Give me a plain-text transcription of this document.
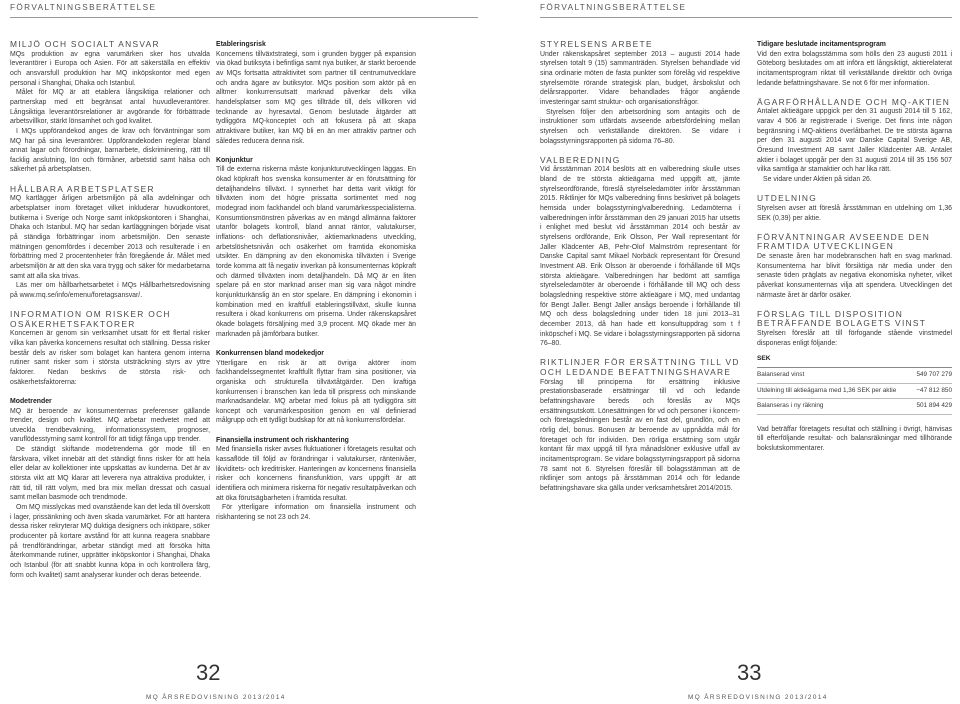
FÖRVALTNINGSBERÄTTELSE	FÖRVALTNINGSBERÄTTELSE
MILJÖ OCH SOCIALT ANSVAR

MQs produktion av egna varumärken sker hos utvalda leverantörer i Europa och Asien. För att säkerställa en effektiv och ansvarsfull produktion har MQ inköpskontor med egen personal i Shanghai, Dhaka och Istanbul.

Målet för MQ är att etablera långsiktiga relationer och partnerskap med ett begränsat antal huvudleverantörer. Långsiktiga leverantörsrelationer är avgörande för förbättrade arbetsvillkor, stärkt lönsamhet och god kvalitet.

I MQs uppförandekod anges de krav och förväntningar som MQ har på sina leverantörer. Uppförandekoden reglerar bland annat lagar och förordningar, barnarbete, diskriminering, rätt till facklig anslutning, lön och förmåner, arbetstid samt hälsa och säkerhet på arbetsplatsen.

HÅLLBARA ARBETSPLATSER

MQ kartlägger årligen arbetsmiljön på alla avdelningar och arbetsplatser inom företaget vilket inkluderar huvudkontoret, butikerna i Sverige och Norge samt inköpskontoren i Shanghai, Dhaka och Istanbul. MQ har sedan kartläggningen började visat på ständiga förbättringar inom arbetsmiljön. Den senaste mätningen genomfördes i december 2013 och resulterade i en förbättring med 2 procentenheter från föregående år. Målet med arbetsmiljön är att den ska vara trygg och säker för medarbetarna samt att alla ska trivas.

Läs mer om hållbarhetsarbetet i MQs Hållbarhetsredovisning på www.mq.se/info/emenu/foretagsansvar/.

INFORMATION OM RISKER OCH OSÄKERHETSFAKTORER

Koncernen är genom sin verksamhet utsatt för ett flertal risker vilka kan påverka koncernens resultat och ställning. Dessa risker består dels av risker som bolaget kan hantera genom interna rutiner samt risker som i största utsträckning styrs av yttre faktorer. Nedan beskrivs de största risk- och osäkerhetsfaktorerna:

Modetrender

MQ är beroende av konsumenternas preferenser gällande trender, design och kvalitet. MQ arbetar medvetet med att utveckla trendbevakning, informationssystem, prognoser, varuflödesstyrning samt kontroll för att tidigt fånga upp trender.

De ständigt skiftande modetrenderna gör mode till en färskvara, vilket innebär att det ständigt finns risker för att hela eller delar av kollektioner inte uppskattas av kunderna. Det är av största vikt att MQ klarar att leverera nya attraktiva produkter, i rätt tid, till rätt volym, med bra mix mellan dressat och casual samt mellan basmode och trendmode.

Om MQ misslyckas med ovanstående kan det leda till överskott i lager, prissänkning och även skada varumärket. För att hantera dessa risker rekryterar MQ duktiga designers och inköpare, söker producenter på kortare avstånd för att kunna reagera snabbare på trendförändringar, arbetar ständigt med att försöka hitta återkommande rutiner, upprätter inköpskontor i Shanghai, Dhaka och Istanbul (för att snabbt kunna köpa in och kontrollera färg, form och kvalitet) samt analyserar kunder och deras beteende.

Etableringsrisk

Koncernens tillväxtstrategi, som i grunden bygger på expansion via ökad butiksyta i befintliga samt nya butiker, är starkt beroende av MQs fortsatta attraktivitet som partner till centrumutvecklare och andra ägare av butiksytor. MQs position som aktör på en alltmer konkurrensutsatt marknad påverkar dels vilka handelsplatser som MQ ges tillträde till, dels villkoren vid tecknande av hyresavtal. Genom beslutade åtgärder att tydliggöra MQ-konceptet och att fokusera på att skapa attraktivare butiker, kan MQ bli en än mer attraktiv partner och således reducera denna risk.

Konjunktur

Till de externa riskerna måste konjunkturutvecklingen läggas. En ökad köpkraft hos svenska konsumenter är en förutsättning för detaljhandelns tillväxt. I synnerhet har detta varit viktigt för tillväxten inom det högre prissatta sortimentet med nog modegrad inom fackhandel och bland varumärkesspecialisterna. Konsumtionsmönstren påverkas av en mängd allmänna faktorer utanför bolagets kontroll, bland annat räntor, valutakurser, inflations- och deflationsnivåer, aktiemarknadens utveckling, arbetslöshetsnivån och osäkerhet om framtida ekonomiska utsikter. En dämpning av den ekonomiska tillväxten i Sverige torde komma att få negativ inverkan på konsumenternas köpkraft och därmed tillväxten inom detaljhandeln. Då MQ är en liten spelare på en stor marknad anser man sig vara något mindre konjunkturkänslig än en stor spelare. En dämpning i ekonomin i kombination med en kraftfull etableringstillväxt, skulle kunna resultera i ökad konkurrens om priserna. Under räkenskapsåret ökade bolagets försäljning med 3,9 procent. MQ ökade mer än marknaden på jämförbara butiker.

Konkurrensen bland modekedjor

Ytterligare en risk är att övriga aktörer inom fackhandelssegmentet kraftfullt flyttar fram sina positioner, via organiska och strukturella tillväxtåtgärder. Den kraftiga konkurrensen i branschen kan leda till prispress och minskande marknadsandelar. MQ arbetar med fokus på att tydliggöra sitt koncept och varumärkesposition genom en väl definierad målgrupp och ett tydligt budskap för att nå konkurrensfördelar.

Finansiella instrument och riskhantering

Med finansiella risker avses fluktuationer i företagets resultat och kassaflöde till följd av förändringar i valutakurser, räntenivåer, likviditets- och kreditrisker. Hanteringen av koncernens finansiella risker och koncernens finansfunktion, vars uppgift är att identifiera och minimera riskerna för negativ resultatpåverkan och att öka förutsägbarheten i framtida resultat.

För ytterligare information om finansiella instrument och riskhantering se not 23 och 24.

STYRELSENS ARBETE

Under räkenskapsåret september 2013 – augusti 2014 hade styrelsen totalt 9 (15) sammanträden. Styrelsen behandlade vid sina ordinarie möten de fasta punkter som förelåg vid respektive styrelsemöte rörande strategisk plan, budget, årsbokslut och delårsrapporter. Vidare behandlades frågor angående investeringar samt struktur- och organisationsfrågor.

Styrelsen följer den arbetsordning som antagits och de instruktioner som utfärdats avseende arbetsfördelning mellan styrelsen och verkställande direktören. Se vidare i bolagsstyrningsrapporten på sidorna 76–80.

VALBEREDNING

Vid årsstämman 2014 beslöts att en valberedning skulle utses bland de tre största aktieägarna med uppgift att, jämte styrelseordförande, föreslå styrelseledamöter inför årsstämman 2015. Riktlinjer för MQs valberedning finns beskrivet på bolagets hemsida under bolagsstyrning/valberedning. Ledamöterna i valberedningen inför årsstämman den 29 januari 2015 har utsetts i enlighet med beslut vid årsstämman 2014 och består av styrelsens ordförande, Erik Olsson, Per Wall representant för Jaller Klädcenter AB, Pehr-Olof Malmström representant för Danske Capital samt Mikael Norbäck representant för Öresund Investment AB. Erik Olsson är oberoende i förhållande till MQs största aktieägare. Valberedningen har bedömt att samtliga styrelseledamöter är oberoende i förhållande till MQ och dess bolagsledning respektive större aktieägare i MQ, med undantag för Bengt Jaller. Bengt Jaller ansågs beroende i förhållande till MQ och dess bolagsledning under tiden 18 juni 2013–31 december 2013, då han hade ett konsultuppdrag som t f inköpschef i MQ. Se vidare i bolagsstyrningsrapporten på sidorna 76–80.

RIKTLINJER FÖR ERSÄTTNING TILL VD OCH LEDANDE BEFATTNINGSHAVARE

Förslag till principerna för ersättning inklusive prestationsbaserade ersättningar till vd och ledande befattningshavare bereds och föreslås av MQs ersättningsutskott. Lönesättningen för vd och personer i koncern- och företagsledningen består av en fast del, grundlön, och en rörlig del, bonus. Bonusen är beroende av uppnådda mål för företaget och för individen. Den rörliga ersättning som utgår kontant får max uppgå till fyra månadslöner exklusive utfall av incitamentsprogram. Se vidare bolagsstyrningsrapport på sidorna 78 samt not 6. Styrelsen föreslår till bolagsstämman att de riktlinjer som antogs på årsstämman 2014 och för ledande befattningshavare ska gälla under verksamhetsåret 2014/2015.

Tidigare beslutade incitamentsprogram

Vid den extra bolagsstämma som hölls den 23 augusti 2011 i Göteborg beslutades om att införa ett långsiktigt, aktierelaterat incitamentsprogram riktat till verkställande direktör och övriga ledande befattningshavare. Se not 6 för mer information.

ÄGARFÖRHÅLLANDE OCH MQ-AKTIEN

Antalet aktieägare uppgick per den 31 augusti 2014 till 5 162, varav 4 506 är registrerade i Sverige. Det finns inte någon begränsning i MQ-aktiens överlåtbarhet. De tre största ägarna per den 31 augusti 2014 var Danske Capital Sverige AB, Öresund Investment AB samt Jaller Klädcenter AB. Antalet aktier i bolaget uppgår per den 31 augusti 2014 till 35 156 507 vilka samtliga är stamaktier och har lika rätt.

Se vidare under Aktien på sidan 26.

UTDELNING

Styrelsen avser att föreslå årsstämman en utdelning om 1,36 SEK (0,39) per aktie.

FÖRVÄNTNINGAR AVSEENDE DEN FRAMTIDA UTVECKLINGEN

De senaste åren har modebranschen haft en svag marknad. Konsumenterna har blivit försiktiga när media under den senaste tiden präglats av negativa ekonomiska nyheter, vilket påverkat konsumenternas vilja att spendera. Utvecklingen det närmaste året är därför osäker.

FÖRSLAG TILL DISPOSITION BETRÄFFANDE BOLAGETS VINST

Styrelsen föreslår att till förfogande stående vinstmedel disponeras enligt följande:

SEK	
Balanserad vinst	549 707 279
Utdelning till aktieägarna med 1,36 SEK per aktie	−47 812 850
Balanseras i ny räkning	501 894 429

Vad beträffar företagets resultat och ställning i övrigt, hänvisas till efterföljande resultat- och balansräkningar med tillhörande bokslutskommentarer.

32
MQ ÅRSREDOVISNING 2013/2014
33
MQ ÅRSREDOVISNING 2013/2014
